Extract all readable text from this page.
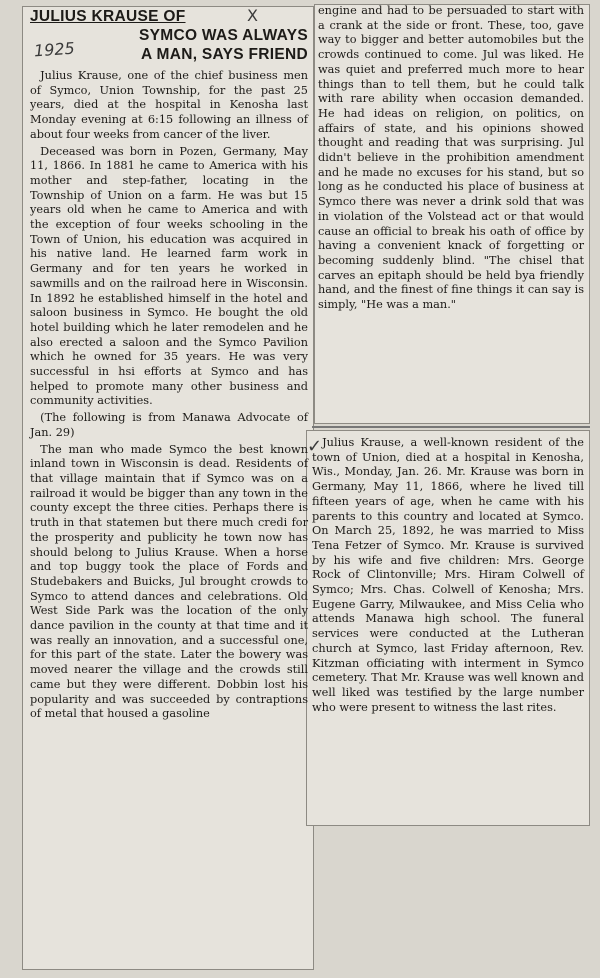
JULIUS KRAUSE OF
SYMCO WAS ALWAYS
A MAN, SAYS FRIEND

Julius Krause, one of the chief business men of Symco, Union Township, for the past 25 years, died at the hospital in Kenosha last Monday evening at 6:15 following an illness of about four weeks from cancer of the liver.

Deceased was born in Pozen, Germany, May 11, 1866. In 1881 he came to America with his mother and step-father, locating in the Township of Union on a farm. He was but 15 years old when he came to America and with the exception of four weeks schooling in the Town of Union, his education was acquired in his native land. He learned farm work in Germany and for ten years he worked in sawmills and on the railroad here in Wisconsin. In 1892 he established himself in the hotel and saloon business in Symco. He bought the old hotel building which he later remodelen and he also erected a saloon and the Symco Pavilion which he owned for 35 years. He was very successful in hsi efforts at Symco and has helped to promote many other business and community activities.

(The following is from Manawa Advocate of Jan. 29)

The man who made Symco the best known inland town in Wisconsin is dead. Residents of that village maintain that if Symco was on a railroad it would be bigger than any town in the county except the three cities. Perhaps there is truth in that statemen but there much credi for the prosperity and publicity he town now has should belong to Julius Krause. When a horse and top buggy took the place of Fords and Studebakers and Buicks, Jul brought crowds to Symco to attend dances and celebrations. Old West Side Park was the location of the only dance pavilion in the county at that time and it was really an innovation, and a successful one, for this part of the state. Later the bowery was moved nearer the village and the crowds still came but they were different. Dobbin lost his popularity and was succeeded by contraptions of metal that housed a gasoline

engine and had to be persuaded to start with a crank at the side or front. These, too, gave way to bigger and better automobiles but the crowds continued to come. Jul was liked. He was quiet and preferred much more to hear things than to tell them, but he could talk with rare ability when occasion demanded. He had ideas on religion, on politics, on affairs of state, and his opinions showed thought and reading that was surprising. Jul didn't believe in the prohibition amendment and he made no excuses for his stand, but so long as he conducted his place of business at Symco there was never a drink sold that was in violation of the Volstead act or that would cause an official to break his oath of office by having a convenient knack of forgetting or becoming suddenly blind. "The chisel that carves an epitaph should be held bya friendly hand, and the finest of fine things it can say is simply, "He was a man."

Julius Krause, a well-known resident of the town of Union, died at a hospital in Kenosha, Wis., Monday, Jan. 26. Mr. Krause was born in Germany, May 11, 1866, where he lived till fifteen years of age, when he came with his parents to this country and located at Symco. On March 25, 1892, he was married to Miss Tena Fetzer of Symco. Mr. Krause is survived by his wife and five children: Mrs. George Rock of Clintonville; Mrs. Hiram Colwell of Symco; Mrs. Chas. Colwell of Kenosha; Mrs. Eugene Garry, Milwaukee, and Miss Celia who attends Manawa high school. The funeral services were conducted at the Lutheran church at Symco, last Friday afternoon, Rev. Kitzman officiating with interment in Symco cemetery. That Mr. Krause was well known and well liked was testified by the large number who were present to witness the last rites.

1925
X
✓
